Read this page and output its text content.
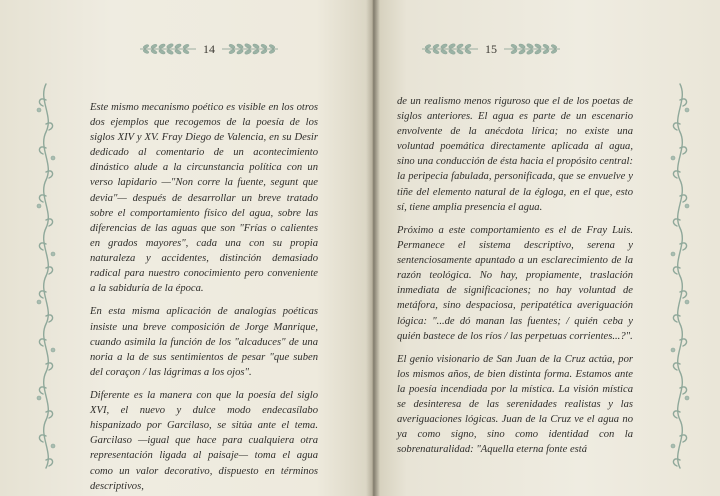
14

Este mismo mecanismo poético es visible en los otros dos ejemplos que recogemos de la poesía de los siglos XIV y XV. Fray Diego de Valencia, en su Desir dedicado al comentario de un acontecimiento dinástico alude a la circunstancia política con un verso lapidario —"Non corre la fuente, segunt que devia"— después de desarrollar un breve tratado sobre el comportamiento físico del agua, sobre las diferencias de las aguas que son "Frías o calientes en grados mayores", cada una con su propia naturaleza y accidentes, distinción demasiado radical para nuestro conocimiento pero conveniente a la sabiduría de la época.

En esta misma aplicación de analogías poéticas insiste una breve composición de Jorge Manrique, cuando asimila la función de los "alcaduces" de una noria a la de sus sentimientos de pesar "que suben del coraçon / las lágrimas a los ojos".

Diferente es la manera con que la poesía del siglo XVI, el nuevo y dulce modo endecasílabo hispanizado por Garcilaso, se sitúa ante el tema. Garcilaso —igual que hace para cualquiera otra representación ligada al paisaje— toma el agua como un valor decorativo, dispuesto en términos descriptivos,

15

de un realismo menos riguroso que el de los poetas de siglos anteriores. El agua es parte de un escenario envolvente de la anécdota lírica; no existe una voluntad poemática directamente aplicada al agua, sino una conducción de ésta hacia el propósito central: la peripecia fabulada, personificada, que se envuelve y tiñe del elemento natural de la égloga, en el que, esto sí, tiene amplia presencia el agua.

Próximo a este comportamiento es el de Fray Luis. Permanece el sistema descriptivo, serena y sentenciosamente apuntado a un esclarecimiento de la razón teológica. No hay, propiamente, traslación inmediata de significaciones; no hay voluntad de metáfora, sino despaciosa, peripatética averiguación lógica: "...de dó manan las fuentes; / quién ceba y quién bastece de los ríos / las perpetuas corrientes...?".

El genio visionario de San Juan de la Cruz actúa, por los mismos años, de bien distinta forma. Estamos ante la poesía incendiada por la mística. La visión mística se desinteresa de las serenidades realistas y las averiguaciones lógicas. Juan de la Cruz ve el agua no ya como signo, sino como identidad con la sobrenaturalidad: "Aquella eterna fonte está
